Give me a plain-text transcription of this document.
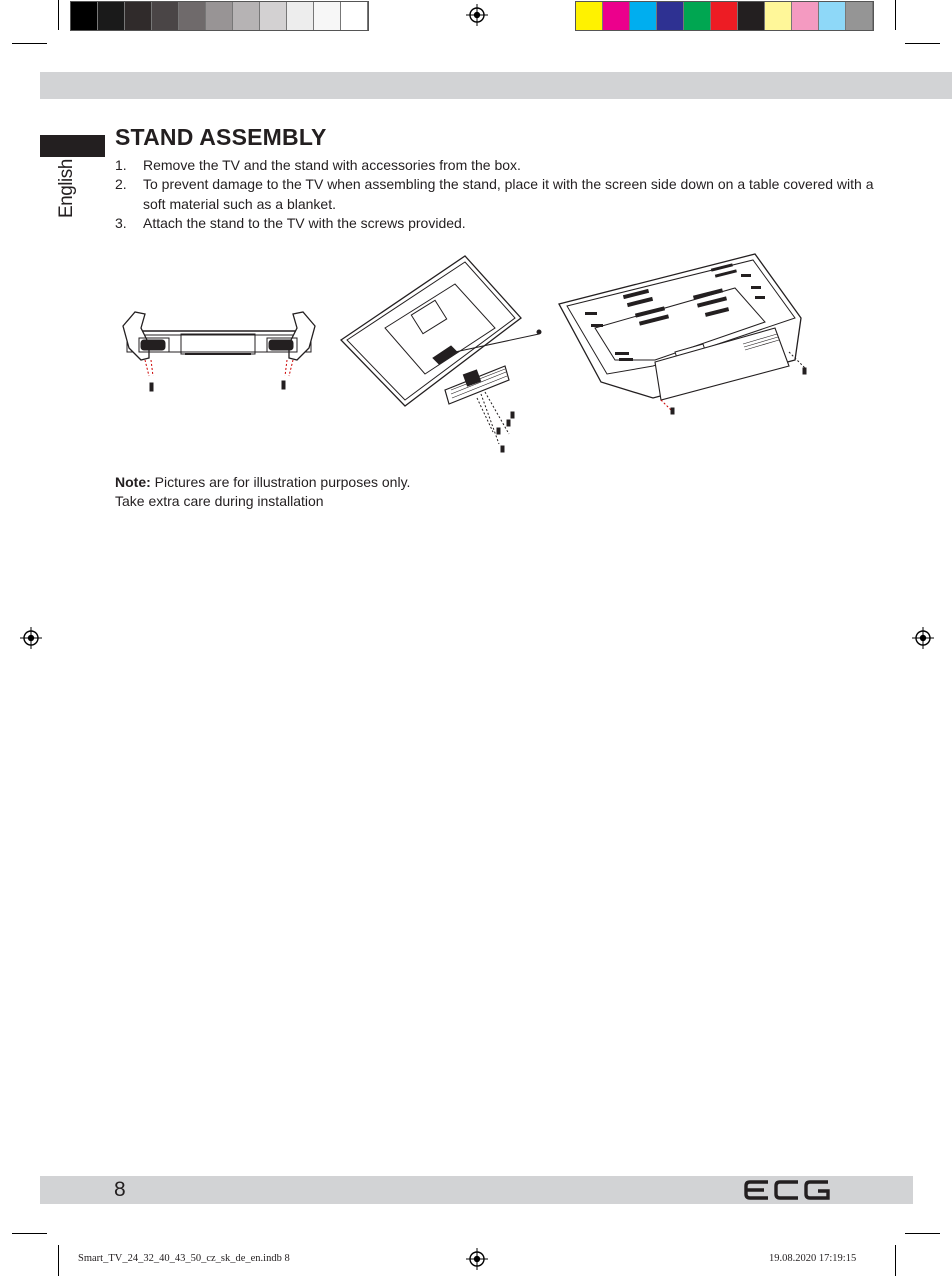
English
STAND ASSEMBLY
1.	Remove the TV and the stand with accessories from the box.
2.	To prevent damage to the TV when assembling the stand, place it with the screen side down on a table covered with a soft material such as a blanket.
3.	Attach the stand to the TV with the screws provided.
Note: Pictures are for illustration purposes only.
Take extra care during installation
8	ECG
Smart_TV_24_32_40_43_50_cz_sk_de_en.indb 8	19.08.2020 17:19:15
